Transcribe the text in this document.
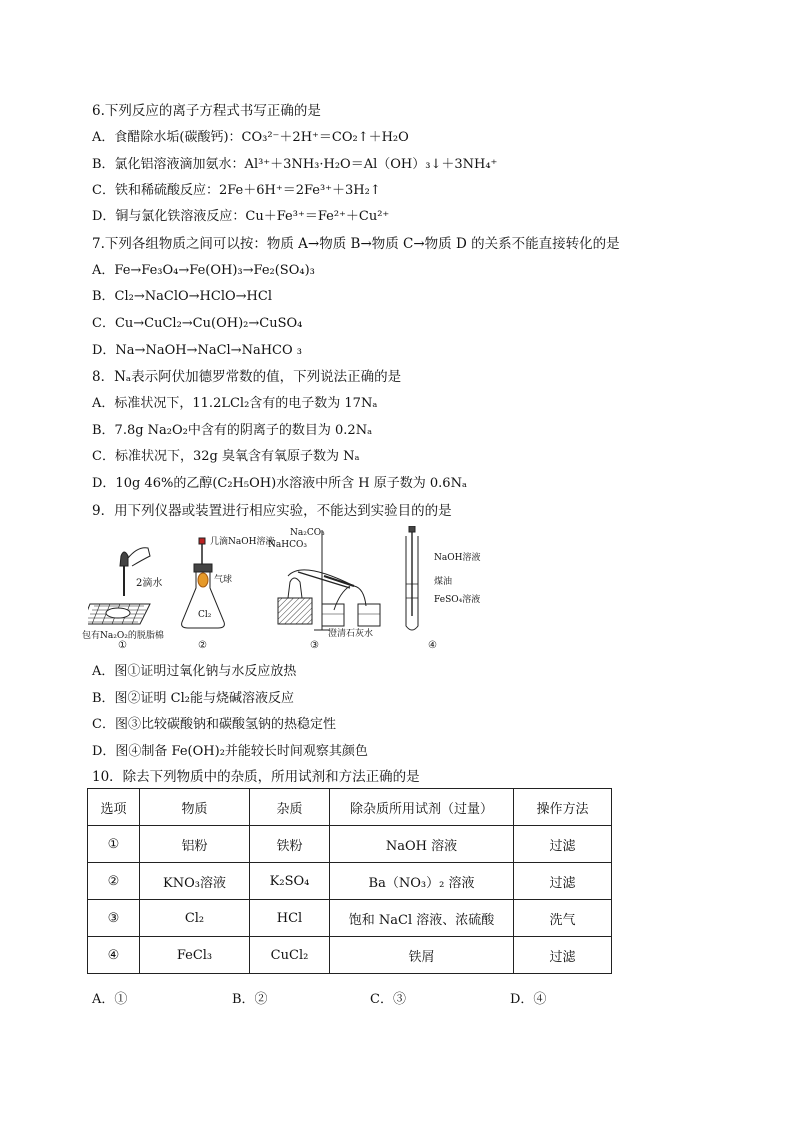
6.下列反应的离子方程式书写正确的是
A．食醋除水垢(碳酸钙)：CO₃²⁻＋2H⁺＝CO₂↑＋H₂O
B．氯化铝溶液滴加氨水：Al³⁺＋3NH₃·H₂O＝Al（OH）₃↓＋3NH₄⁺
C．铁和稀硫酸反应：2Fe＋6H⁺＝2Fe³⁺＋3H₂↑
D．铜与氯化铁溶液反应：Cu＋Fe³⁺＝Fe²⁺＋Cu²⁺
7.下列各组物质之间可以按：物质 A→物质 B→物质 C→物质 D 的关系不能直接转化的是
A．Fe→Fe₃O₄→Fe(OH)₃→Fe₂(SO₄)₃
B．Cl₂→NaClO→HClO→HCl
C．Cu→CuCl₂→Cu(OH)₂→CuSO₄
D．Na→NaOH→NaCl→NaHCO ₃
8．Nₐ表示阿伏加德罗常数的值，下列说法正确的是
A．标准状况下，11.2LCl₂含有的电子数为 17Nₐ
B．7.8g Na₂O₂中含有的阴离子的数目为 0.2Nₐ
C．标准状况下，32g 臭氧含有氧原子数为 Nₐ
D．10g 46%的乙醇(C₂H₅OH)水溶液中所含 H 原子数为 0.6Nₐ
9．用下列仪器或装置进行相应实验，不能达到实验目的的是
2滴水
包有Na₂O₂的脱脂棉
几滴NaOH溶液
气球
Cl₂
Na₂CO₃
NaHCO₃
澄清石灰水
NaOH溶液
煤油
FeSO₄溶液
①	②	③	④
A．图①证明过氧化钠与水反应放热
B．图②证明 Cl₂能与烧碱溶液反应
C．图③比较碳酸钠和碳酸氢钠的热稳定性
D．图④制备 Fe(OH)₂并能较长时间观察其颜色
10．除去下列物质中的杂质，所用试剂和方法正确的是
选项	物质	杂质	除杂质所用试剂（过量）	操作方法
①	铝粉	铁粉	NaOH 溶液	过滤
②	KNO₃溶液	K₂SO₄	Ba（NO₃）₂ 溶液	过滤
③	Cl₂	HCl	饱和 NaCl 溶液、浓硫酸	洗气
④	FeCl₃	CuCl₂	铁屑	过滤
A．①	B．②	C．③	D．④
